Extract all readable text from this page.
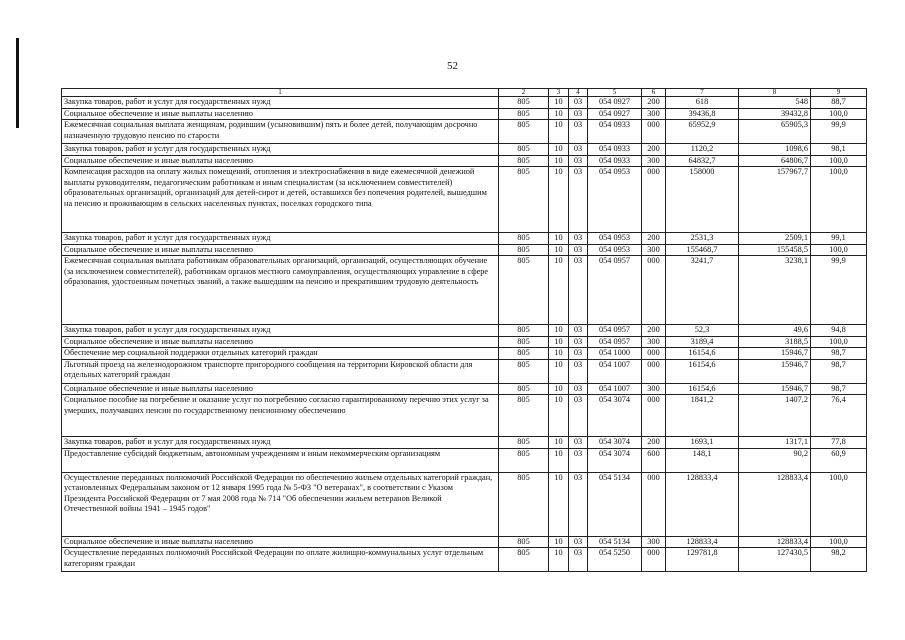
52
1	2	3	4	5	6	7	8	9
Закупка товаров, работ и услуг для государственных нужд	805	10	03	054 0927	200	618	548	88,7
Социальное обеспечение и иные выплаты населению	805	10	03	054 0927	300	39436,8	39432,8	100,0
Ежемесячная социальная выплата женщинам, родившим (усыновившим) пять и более детей, получающим досрочно назначенную трудовую пенсию по старости	805	10	03	054 0933	000	65952,9	65905,3	99,9
Закупка товаров, работ и услуг для государственных нужд	805	10	03	054 0933	200	1120,2	1098,6	98,1
Социальное обеспечение и иные выплаты населению	805	10	03	054 0933	300	64832,7	64806,7	100,0
Компенсация расходов на оплату жилых помещений, отопления и электроснабжения в виде ежемесячной денежной выплаты руководителям, педагогическим работникам и иным специалистам (за исключением совместителей) образовательных организаций, организаций для детей-сирот и детей, оставшихся без попечения родителей, вышедшим на пенсию и проживающим в сельских населенных пунктах, поселках городского типа	805	10	03	054 0953	000	158000	157967,7	100,0
Закупка товаров, работ и услуг для государственных нужд	805	10	03	054 0953	200	2531,3	2509,1	99,1
Социальное обеспечение и иные выплаты населению	805	10	03	054 0953	300	155468,7	155458,5	100,0
Ежемесячная социальная выплата работникам образовательных организаций, организаций, осуществляющих обучение (за исключением совместителей), работникам органов местного самоуправления, осуществляющих управление в сфере образования, удостоенным почетных званий, а также вышедшим на пенсию и прекратившим трудовую деятельность	805	10	03	054 0957	000	3241,7	3238,1	99,9
Закупка товаров, работ и услуг для государственных нужд	805	10	03	054 0957	200	52,3	49,6	94,8
Социальное обеспечение и иные выплаты населению	805	10	03	054 0957	300	3189,4	3188,5	100,0
Обеспечение мер социальной поддержки отдельных категорий граждан	805	10	03	054 1000	000	16154,6	15946,7	98,7
Льготный проезд на железнодорожном транспорте пригородного сообщения на территории Кировской области для отдельных категорий граждан	805	10	03	054 1007	000	16154,6	15946,7	98,7
Социальное обеспечение и иные выплаты населению	805	10	03	054 1007	300	16154,6	15946,7	98,7
Социальное пособие на погребение и оказание услуг по погребению согласно гарантированному перечню этих услуг за умерших, получавших пенсии по государственному пенсионному обеспечению	805	10	03	054 3074	000	1841,2	1407,2	76,4
Закупка товаров, работ и услуг для государственных нужд	805	10	03	054 3074	200	1693,1	1317,1	77,8
Предоставление субсидий бюджетным, автономным учреждениям и иным некоммерческим организациям	805	10	03	054 3074	600	148,1	90,2	60,9
Осуществление переданных полномочий Российской Федерации по обеспечению жильем отдельных категорий граждан, установленных Федеральным законом от 12 января 1995 года № 5-ФЗ "О ветеранах", в соответствии с Указом Президента Российской Федерации от 7 мая 2008 года № 714 "Об обеспечении жильем ветеранов Великой Отечественной войны 1941 – 1945 годов"	805	10	03	054 5134	000	128833,4	128833,4	100,0
Социальное обеспечение и иные выплаты населению	805	10	03	054 5134	300	128833,4	128833,4	100,0
Осуществление переданных полномочий Российской Федерации по оплате жилищно-коммунальных услуг отдельным категориям граждан	805	10	03	054 5250	000	129781,8	127430,5	98,2
